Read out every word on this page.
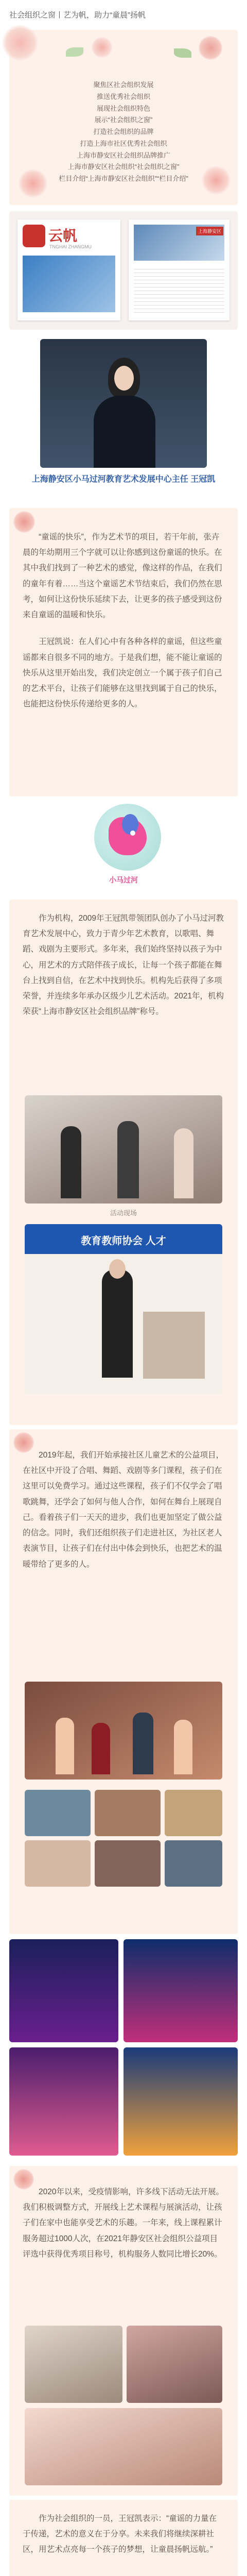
社会组织之窗丨艺为帆，助力“童晨”扬帆
聚焦区社会组织发展
推送优秀社会组织
展现社会组织特色
展示“社会组织之窗”
打造社会组织的品牌
打造上海市社区优秀社会组织
上海市静安区社会组织品牌推广
上海市静安区社会组织“社会组织之窗”
栏目介绍“上海市静安区社会组织”“栏目介绍”
云帆
TNGHAI ZHANGMU
上海静安区
上海静安区小马过河教育艺术发展中心主任 王冠凯
“童谣的快乐”，作为艺术节的项目，若干年前，张卉晨的年幼期用三个字就可以让你感到这份童谣的快乐。在其中我们找到了一种艺术的感觉，像这样的作品，在我们的童年有着……当这个童谣艺术节结束后，我们仍然在思考，如何让这份快乐延续下去，让更多的孩子感受到这份来自童谣的温暖和快乐。
王冠凯说：在人们心中有各种各样的童谣，但这些童谣都来自很多不同的地方。于是我们想，能不能让童谣的快乐从这里开始出发，我们决定创立一个属于孩子们自己的艺术平台，让孩子们能够在这里找到属于自己的快乐，也能把这份快乐传递给更多的人。
小马过河
作为机构，2009年王冠凯带领团队创办了小马过河教育艺术发展中心，致力于青少年艺术教育，以歌唱、舞蹈、戏剧为主要形式。多年来，我们始终坚持以孩子为中心，用艺术的方式陪伴孩子成长，让每一个孩子都能在舞台上找到自信，在艺术中找到快乐。机构先后获得了多项荣誉，并连续多年承办区级少儿艺术活动。2021年，机构荣获“上海市静安区社会组织品牌”称号。
活动现场
教育教师协会 人才
2019年起，我们开始承接社区儿童艺术的公益项目，在社区中开设了合唱、舞蹈、戏剧等多门课程，孩子们在这里可以免费学习。通过这些课程，孩子们不仅学会了唱歌跳舞，还学会了如何与他人合作，如何在舞台上展现自己。看着孩子们一天天的进步，我们也更加坚定了做公益的信念。同时，我们还组织孩子们走进社区，为社区老人表演节目，让孩子们在付出中体会到快乐，也把艺术的温暖带给了更多的人。
2020年以来，受疫情影响，许多线下活动无法开展。我们积极调整方式，开展线上艺术课程与展演活动，让孩子们在家中也能享受艺术的乐趣。一年来，线上课程累计服务超过1000人次，在2021年静安区社会组织公益项目评选中获得优秀项目称号，机构服务人数同比增长20%。
作为社会组织的一员，王冠凯表示：“童谣的力量在于传递，艺术的意义在于分享。未来我们将继续深耕社区，用艺术点亮每一个孩子的梦想，让童晨扬帆远航。”
